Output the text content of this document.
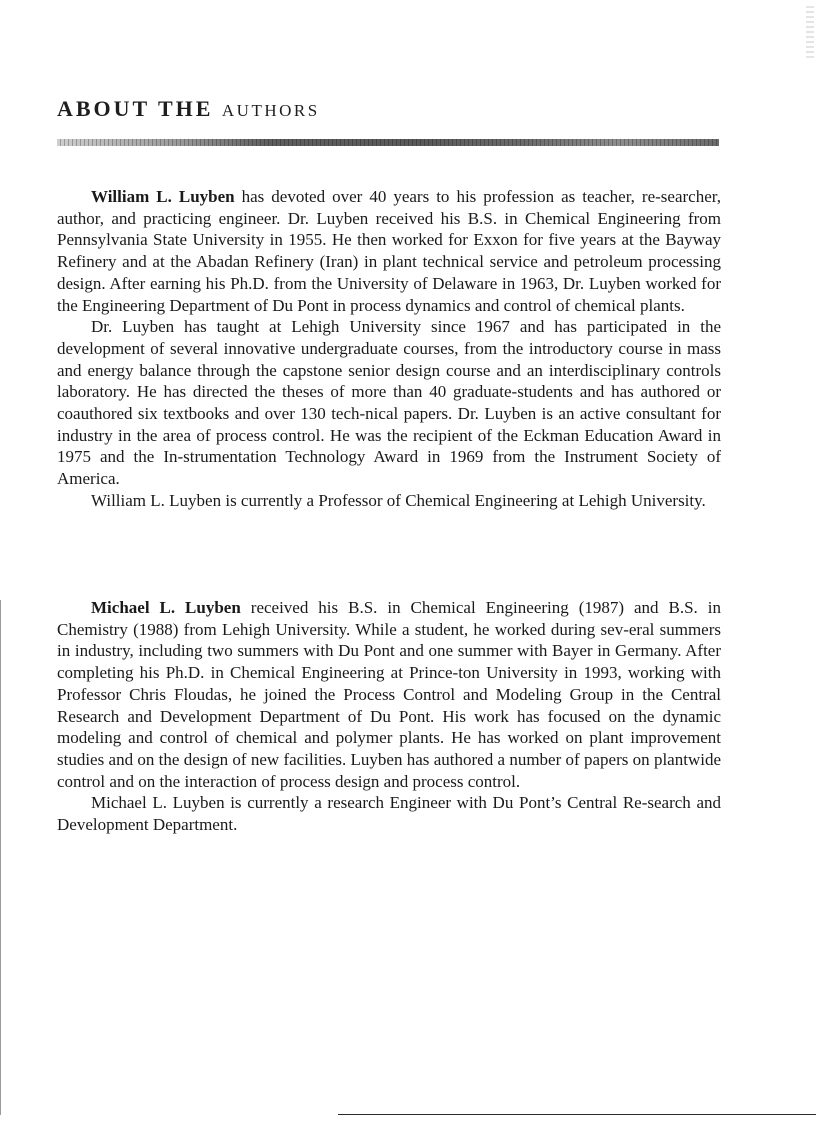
ABOUT THE AUTHORS

William L. Luyben has devoted over 40 years to his profession as teacher, re-searcher, author, and practicing engineer. Dr. Luyben received his B.S. in Chemical Engineering from Pennsylvania State University in 1955. He then worked for Exxon for five years at the Bayway Refinery and at the Abadan Refinery (Iran) in plant technical service and petroleum processing design. After earning his Ph.D. from the University of Delaware in 1963, Dr. Luyben worked for the Engineering Department of Du Pont in process dynamics and control of chemical plants.

Dr. Luyben has taught at Lehigh University since 1967 and has participated in the development of several innovative undergraduate courses, from the introductory course in mass and energy balance through the capstone senior design course and an interdisciplinary controls laboratory. He has directed the theses of more than 40 graduate-students and has authored or coauthored six textbooks and over 130 tech-nical papers. Dr. Luyben is an active consultant for industry in the area of process control. He was the recipient of the Eckman Education Award in 1975 and the In-strumentation Technology Award in 1969 from the Instrument Society of America.

William L. Luyben is currently a Professor of Chemical Engineering at Lehigh University.

Michael L. Luyben received his B.S. in Chemical Engineering (1987) and B.S. in Chemistry (1988) from Lehigh University. While a student, he worked during sev-eral summers in industry, including two summers with Du Pont and one summer with Bayer in Germany. After completing his Ph.D. in Chemical Engineering at Prince-ton University in 1993, working with Professor Chris Floudas, he joined the Process Control and Modeling Group in the Central Research and Development Department of Du Pont. His work has focused on the dynamic modeling and control of chemical and polymer plants. He has worked on plant improvement studies and on the design of new facilities. Luyben has authored a number of papers on plantwide control and on the interaction of process design and process control.

Michael L. Luyben is currently a research Engineer with Du Pont’s Central Re-search and Development Department.
